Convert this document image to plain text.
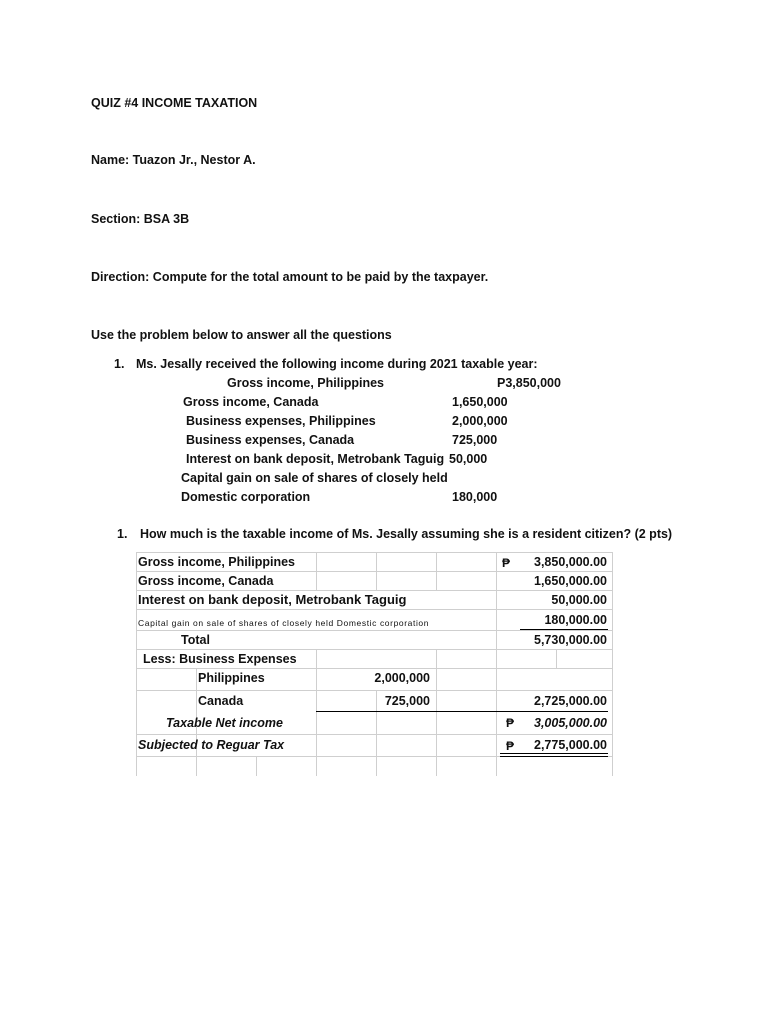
QUIZ #4 INCOME TAXATION
Name: Tuazon Jr., Nestor A.
Section: BSA 3B
Direction: Compute for the total amount to be paid by the taxpayer.
Use the problem below to answer all the questions
1. Ms. Jesally received the following income during 2021 taxable year:
Gross income, Philippines	P3,850,000
Gross income, Canada	1,650,000
Business expenses, Philippines	2,000,000
Business expenses, Canada	725,000
Interest on bank deposit, Metrobank Taguig 50,000
Capital gain on sale of shares of closely held
Domestic corporation	180,000
1. How much is the taxable income of Ms. Jesally assuming she is a resident citizen? (2 pts)
Gross income, Philippines	₱	3,850,000.00
Gross income, Canada	1,650,000.00
Interest on bank deposit, Metrobank Taguig	50,000.00
Capital gain on sale of shares of closely held Domestic corporation	180,000.00
Total	5,730,000.00
Less: Business Expenses
Philippines	2,000,000
Canada	725,000	2,725,000.00
Taxable Net income	₱	3,005,000.00
Subjected to Reguar Tax	₱	2,775,000.00
